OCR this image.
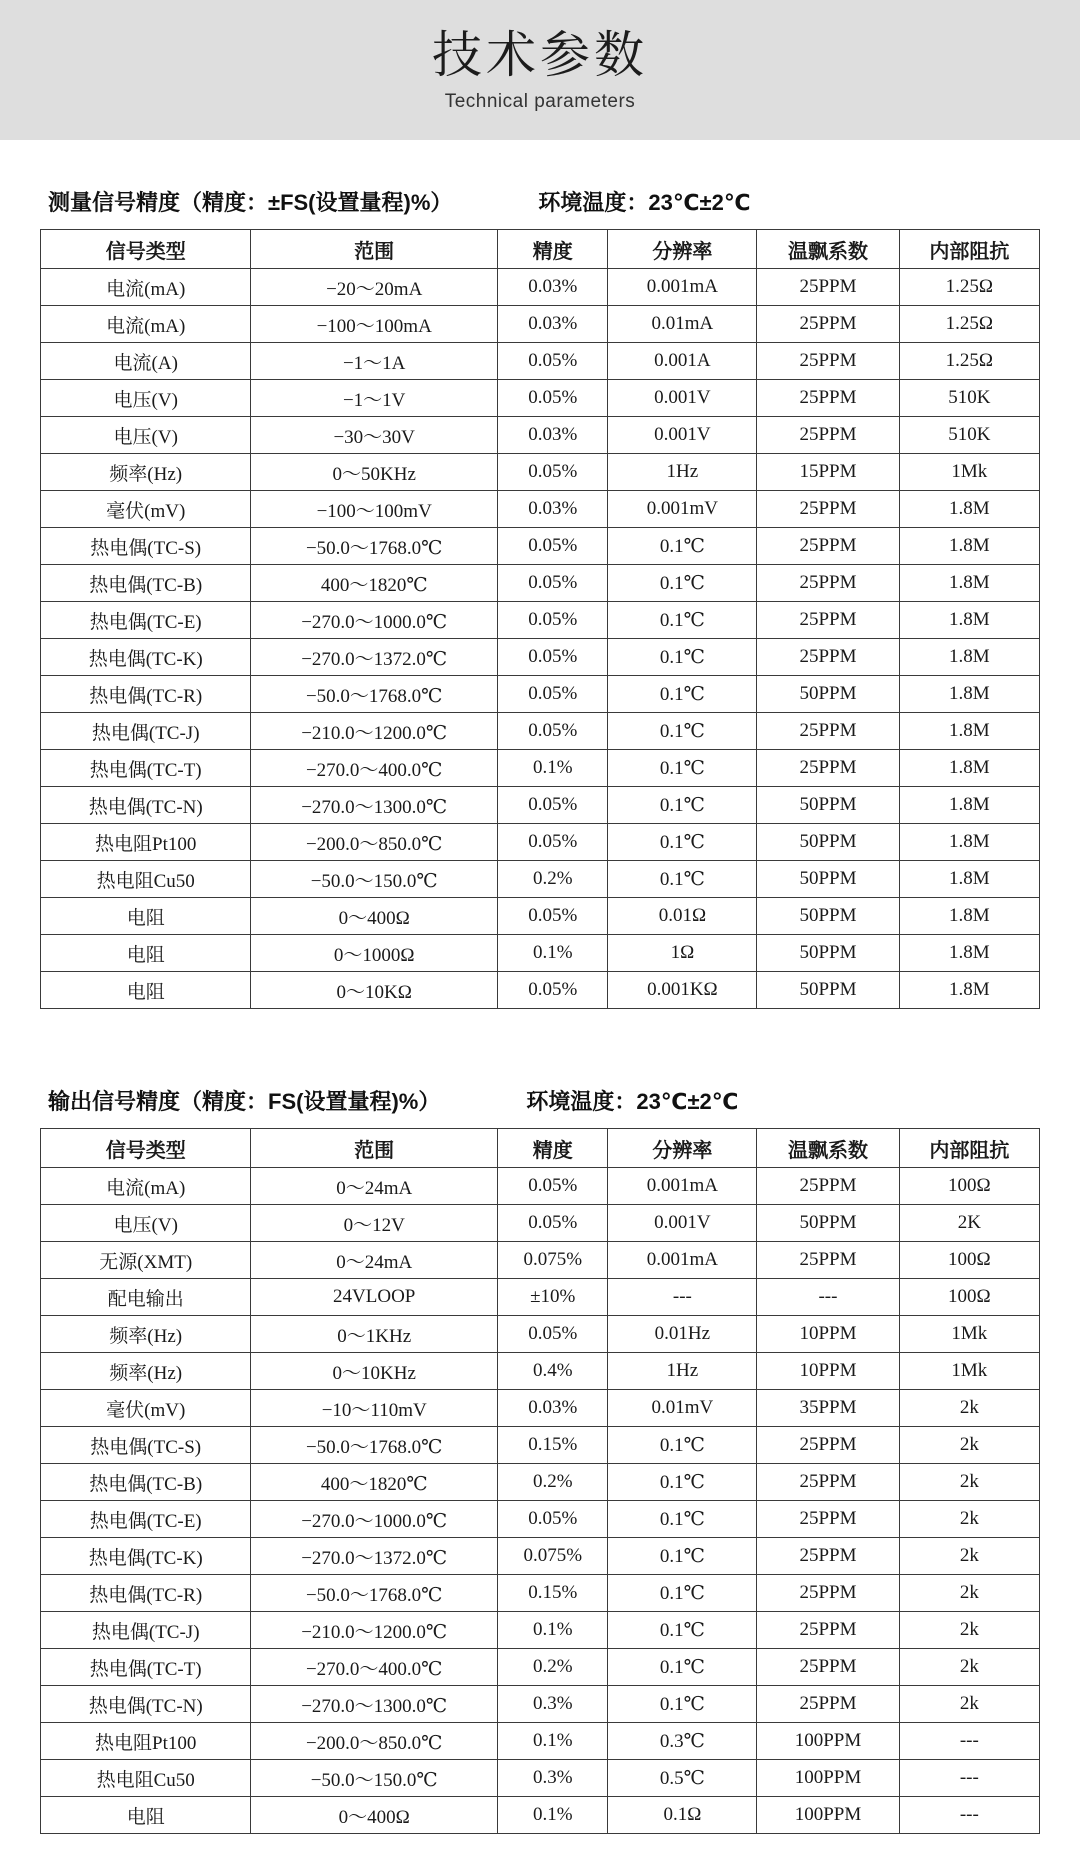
技术参数
Technical parameters
测量信号精度（精度：±FS(设置量程)%）	环境温度：23℃±2℃
信号类型	范围	精度	分辨率	温飘系数	内部阻抗
电流(mA)	−20～20mA	0.03%	0.001mA	25PPM	1.25Ω
电流(mA)	−100～100mA	0.03%	0.01mA	25PPM	1.25Ω
电流(A)	−1～1A	0.05%	0.001A	25PPM	1.25Ω
电压(V)	−1～1V	0.05%	0.001V	25PPM	510K
电压(V)	−30～30V	0.03%	0.001V	25PPM	510K
频率(Hz)	0～50KHz	0.05%	1Hz	15PPM	1Mk
毫伏(mV)	−100～100mV	0.03%	0.001mV	25PPM	1.8M
热电偶(TC-S)	−50.0～1768.0℃	0.05%	0.1℃	25PPM	1.8M
热电偶(TC-B)	400～1820℃	0.05%	0.1℃	25PPM	1.8M
热电偶(TC-E)	−270.0～1000.0℃	0.05%	0.1℃	25PPM	1.8M
热电偶(TC-K)	−270.0～1372.0℃	0.05%	0.1℃	25PPM	1.8M
热电偶(TC-R)	−50.0～1768.0℃	0.05%	0.1℃	50PPM	1.8M
热电偶(TC-J)	−210.0～1200.0℃	0.05%	0.1℃	25PPM	1.8M
热电偶(TC-T)	−270.0～400.0℃	0.1%	0.1℃	25PPM	1.8M
热电偶(TC-N)	−270.0～1300.0℃	0.05%	0.1℃	50PPM	1.8M
热电阻Pt100	−200.0～850.0℃	0.05%	0.1℃	50PPM	1.8M
热电阻Cu50	−50.0～150.0℃	0.2%	0.1℃	50PPM	1.8M
电阻	0～400Ω	0.05%	0.01Ω	50PPM	1.8M
电阻	0～1000Ω	0.1%	1Ω	50PPM	1.8M
电阻	0～10KΩ	0.05%	0.001KΩ	50PPM	1.8M
输出信号精度（精度：FS(设置量程)%）	环境温度：23℃±2℃
信号类型	范围	精度	分辨率	温飘系数	内部阻抗
电流(mA)	0～24mA	0.05%	0.001mA	25PPM	100Ω
电压(V)	0～12V	0.05%	0.001V	50PPM	2K
无源(XMT)	0～24mA	0.075%	0.001mA	25PPM	100Ω
配电输出	24VLOOP	±10%	---	---	100Ω
频率(Hz)	0～1KHz	0.05%	0.01Hz	10PPM	1Mk
频率(Hz)	0～10KHz	0.4%	1Hz	10PPM	1Mk
毫伏(mV)	−10～110mV	0.03%	0.01mV	35PPM	2k
热电偶(TC-S)	−50.0～1768.0℃	0.15%	0.1℃	25PPM	2k
热电偶(TC-B)	400～1820℃	0.2%	0.1℃	25PPM	2k
热电偶(TC-E)	−270.0～1000.0℃	0.05%	0.1℃	25PPM	2k
热电偶(TC-K)	−270.0～1372.0℃	0.075%	0.1℃	25PPM	2k
热电偶(TC-R)	−50.0～1768.0℃	0.15%	0.1℃	25PPM	2k
热电偶(TC-J)	−210.0～1200.0℃	0.1%	0.1℃	25PPM	2k
热电偶(TC-T)	−270.0～400.0℃	0.2%	0.1℃	25PPM	2k
热电偶(TC-N)	−270.0～1300.0℃	0.3%	0.1℃	25PPM	2k
热电阻Pt100	−200.0～850.0℃	0.1%	0.3℃	100PPM	---
热电阻Cu50	−50.0～150.0℃	0.3%	0.5℃	100PPM	---
电阻	0～400Ω	0.1%	0.1Ω	100PPM	---
